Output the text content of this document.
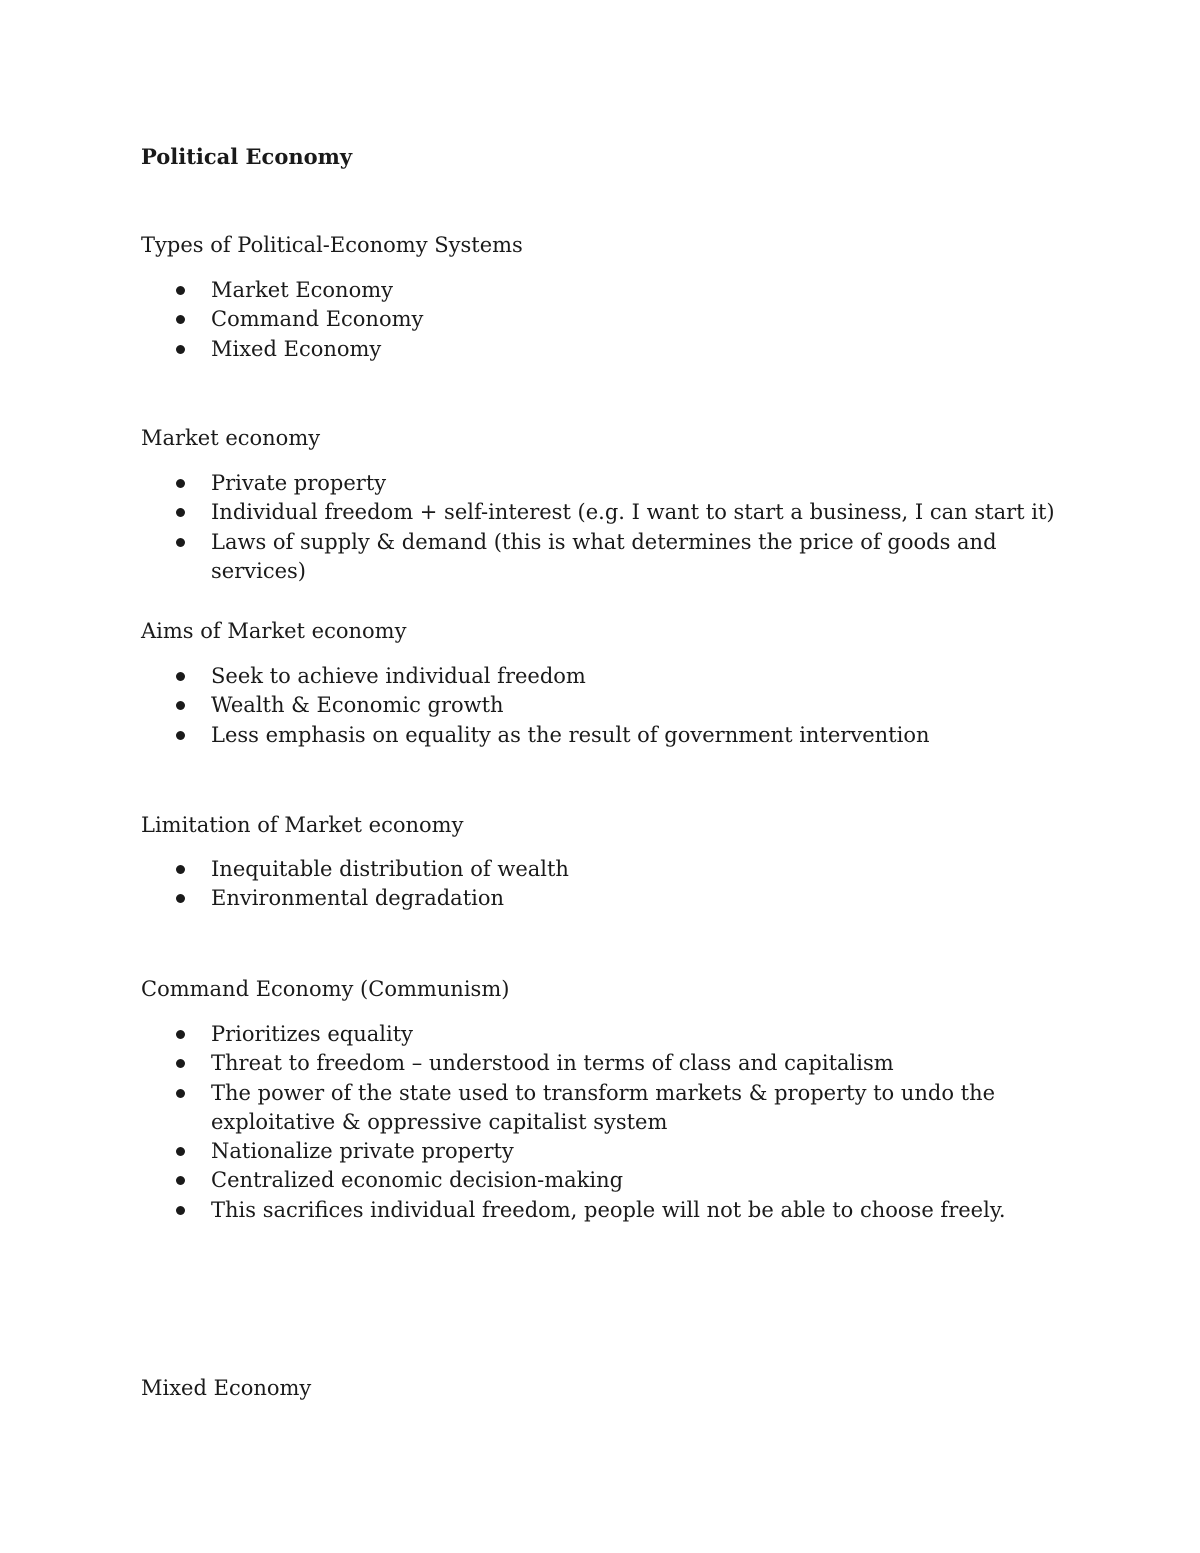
Political Economy
Types of Political-Economy Systems
Market Economy
Command Economy
Mixed Economy
Market economy
Private property
Individual freedom + self-interest (e.g. I want to start a business, I can start it)
Laws of supply & demand (this is what determines the price of goods and services)
Aims of Market economy
Seek to achieve individual freedom
Wealth & Economic growth
Less emphasis on equality as the result of government intervention
Limitation of Market economy
Inequitable distribution of wealth
Environmental degradation
Command Economy (Communism)
Prioritizes equality
Threat to freedom – understood in terms of class and capitalism
The power of the state used to transform markets & property to undo the exploitative & oppressive capitalist system
Nationalize private property
Centralized economic decision-making
This sacrifices individual freedom, people will not be able to choose freely.
Mixed Economy
